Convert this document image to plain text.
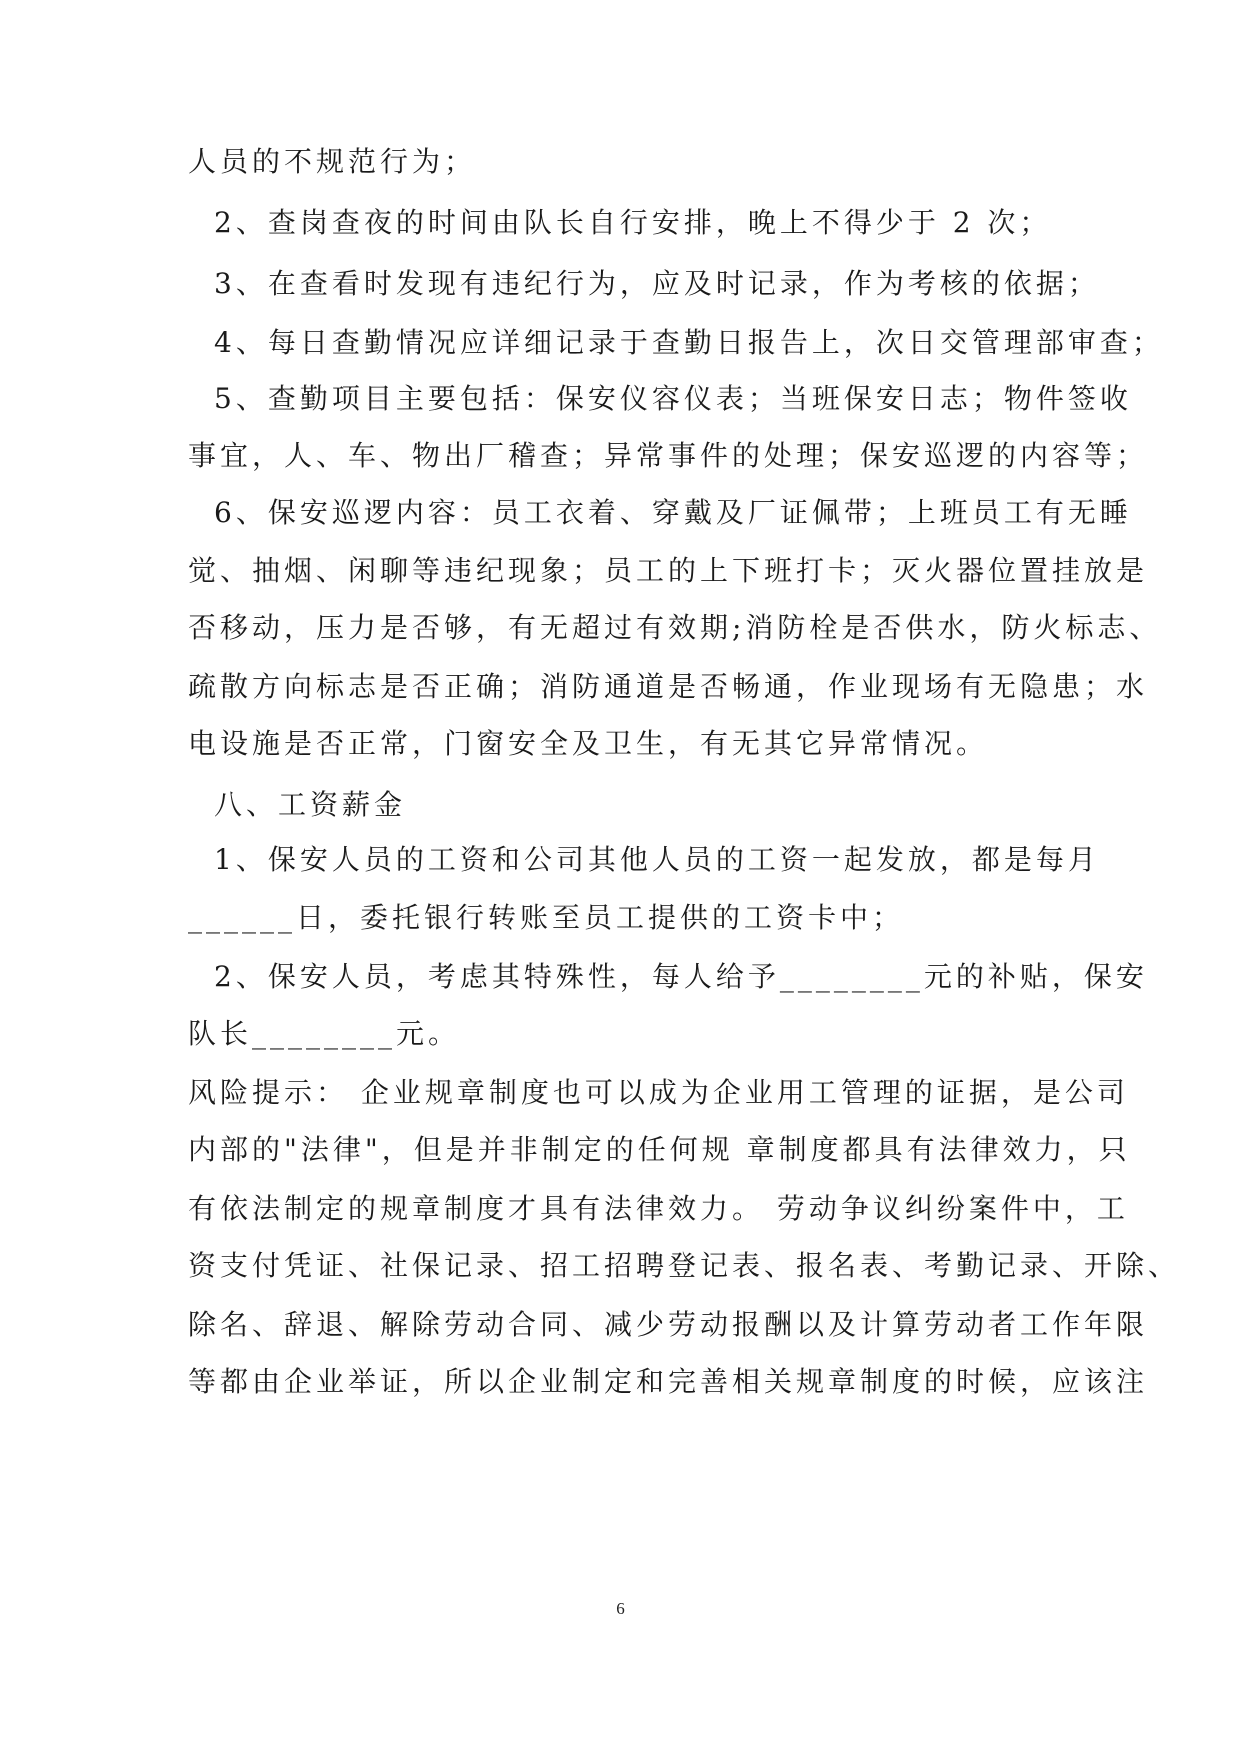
人员的不规范行为；
2、查岗查夜的时间由队长自行安排，晚上不得少于 2 次；
3、在查看时发现有违纪行为，应及时记录，作为考核的依据；
4、每日查勤情况应详细记录于查勤日报告上，次日交管理部审查；
5、查勤项目主要包括：保安仪容仪表；当班保安日志；物件签收
事宜，人、车、物出厂稽查；异常事件的处理；保安巡逻的内容等；
6、保安巡逻内容：员工衣着、穿戴及厂证佩带；上班员工有无睡
觉、抽烟、闲聊等违纪现象；员工的上下班打卡；灭火器位置挂放是
否移动，压力是否够，有无超过有效期;消防栓是否供水，防火标志、
疏散方向标志是否正确；消防通道是否畅通，作业现场有无隐患；水
电设施是否正常，门窗安全及卫生，有无其它异常情况。
八、工资薪金
1、保安人员的工资和公司其他人员的工资一起发放，都是每月
______日，委托银行转账至员工提供的工资卡中；
2、保安人员，考虑其特殊性，每人给予________元的补贴，保安
队长________元。
风险提示： 企业规章制度也可以成为企业用工管理的证据，是公司
内部的"法律"，但是并非制定的任何规 章制度都具有法律效力，只
有依法制定的规章制度才具有法律效力。 劳动争议纠纷案件中，工
资支付凭证、社保记录、招工招聘登记表、报名表、考勤记录、开除、
除名、辞退、解除劳动合同、减少劳动报酬以及计算劳动者工作年限
等都由企业举证，所以企业制定和完善相关规章制度的时候，应该注
6
